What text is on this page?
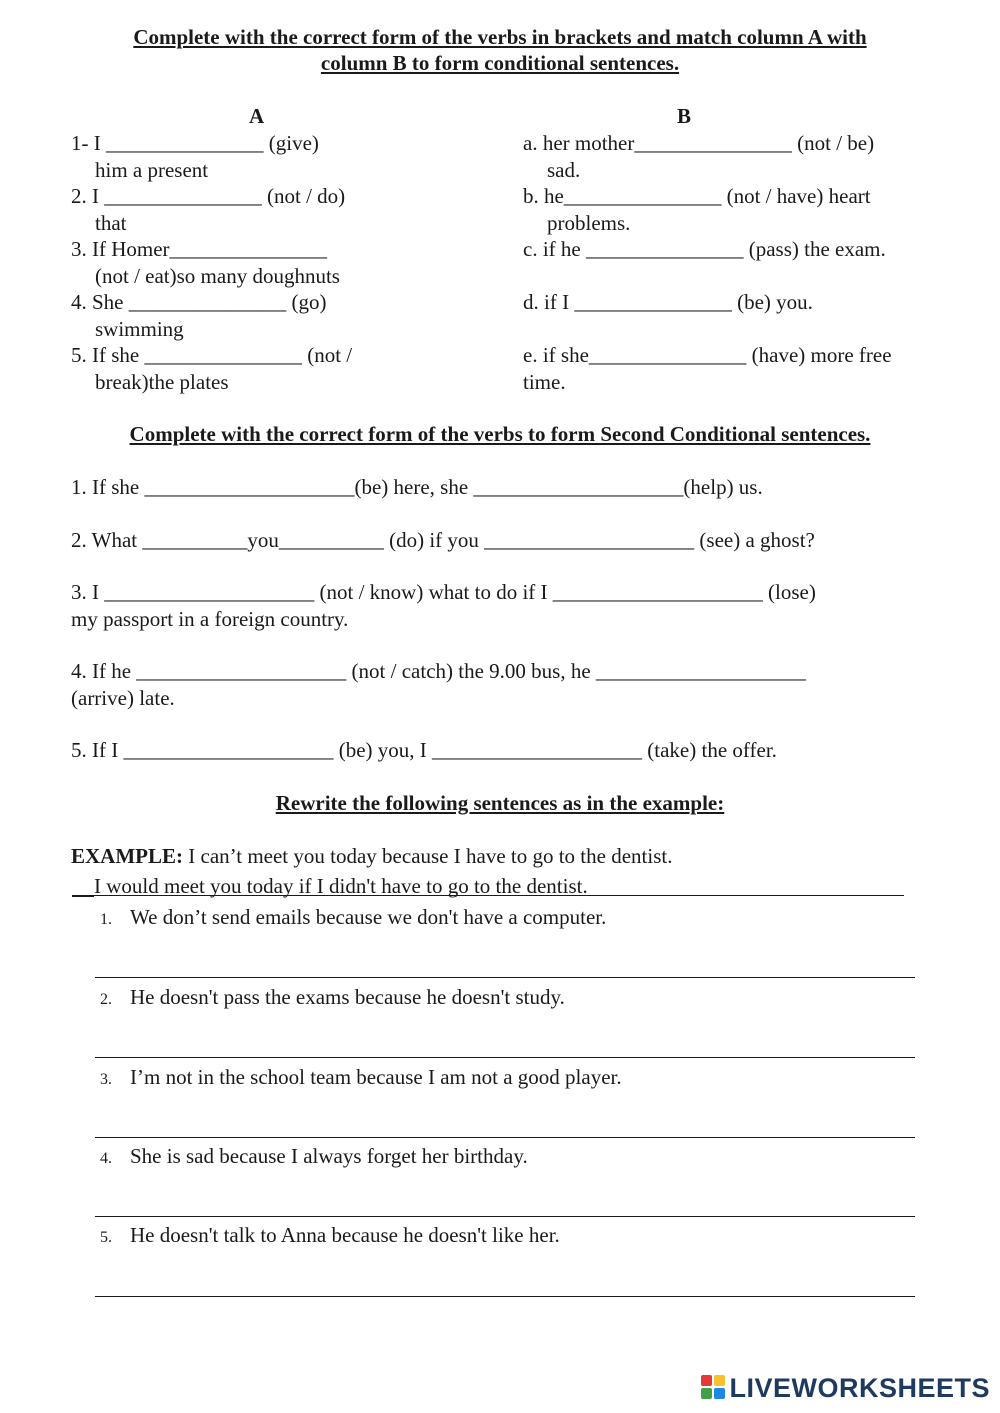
Complete with the correct form of the verbs in brackets and match column A with
column B to form conditional sentences.
A	B
1- I _______________ (give)
him a present
2. I _______________ (not / do)
that
3. If Homer_______________
(not / eat)so many doughnuts
4. She _______________ (go)
swimming
5. If she _______________ (not /
break)the plates
a. her mother_______________ (not / be)
sad.
b. he_______________ (not / have) heart
problems.
c. if he _______________ (pass) the exam.
d. if I _______________ (be) you.
e. if she_______________ (have) more free
time.
Complete with the correct form of the verbs to form Second Conditional sentences.
1. If she ____________________(be) here, she ____________________(help) us.
2. What __________you__________ (do) if you ____________________ (see) a ghost?
3. I ____________________ (not / know) what to do if I ____________________ (lose)
my passport in a foreign country.
4. If he ____________________ (not / catch) the 9.00 bus, he ____________________
(arrive) late.
5. If I ____________________ (be) you, I ____________________ (take) the offer.
Rewrite the following sentences as in the example:
EXAMPLE: I can’t meet you today because I have to go to the dentist.
I would meet you today if I didn't have to go to the dentist.
1. We don’t send emails because we don't have a computer.
2. He doesn't pass the exams because he doesn't study.
3. I’m not in the school team because I am not a good player.
4. She is sad because I always forget her birthday.
5. He doesn't talk to Anna because he doesn't like her.
LIVEWORKSHEETS
